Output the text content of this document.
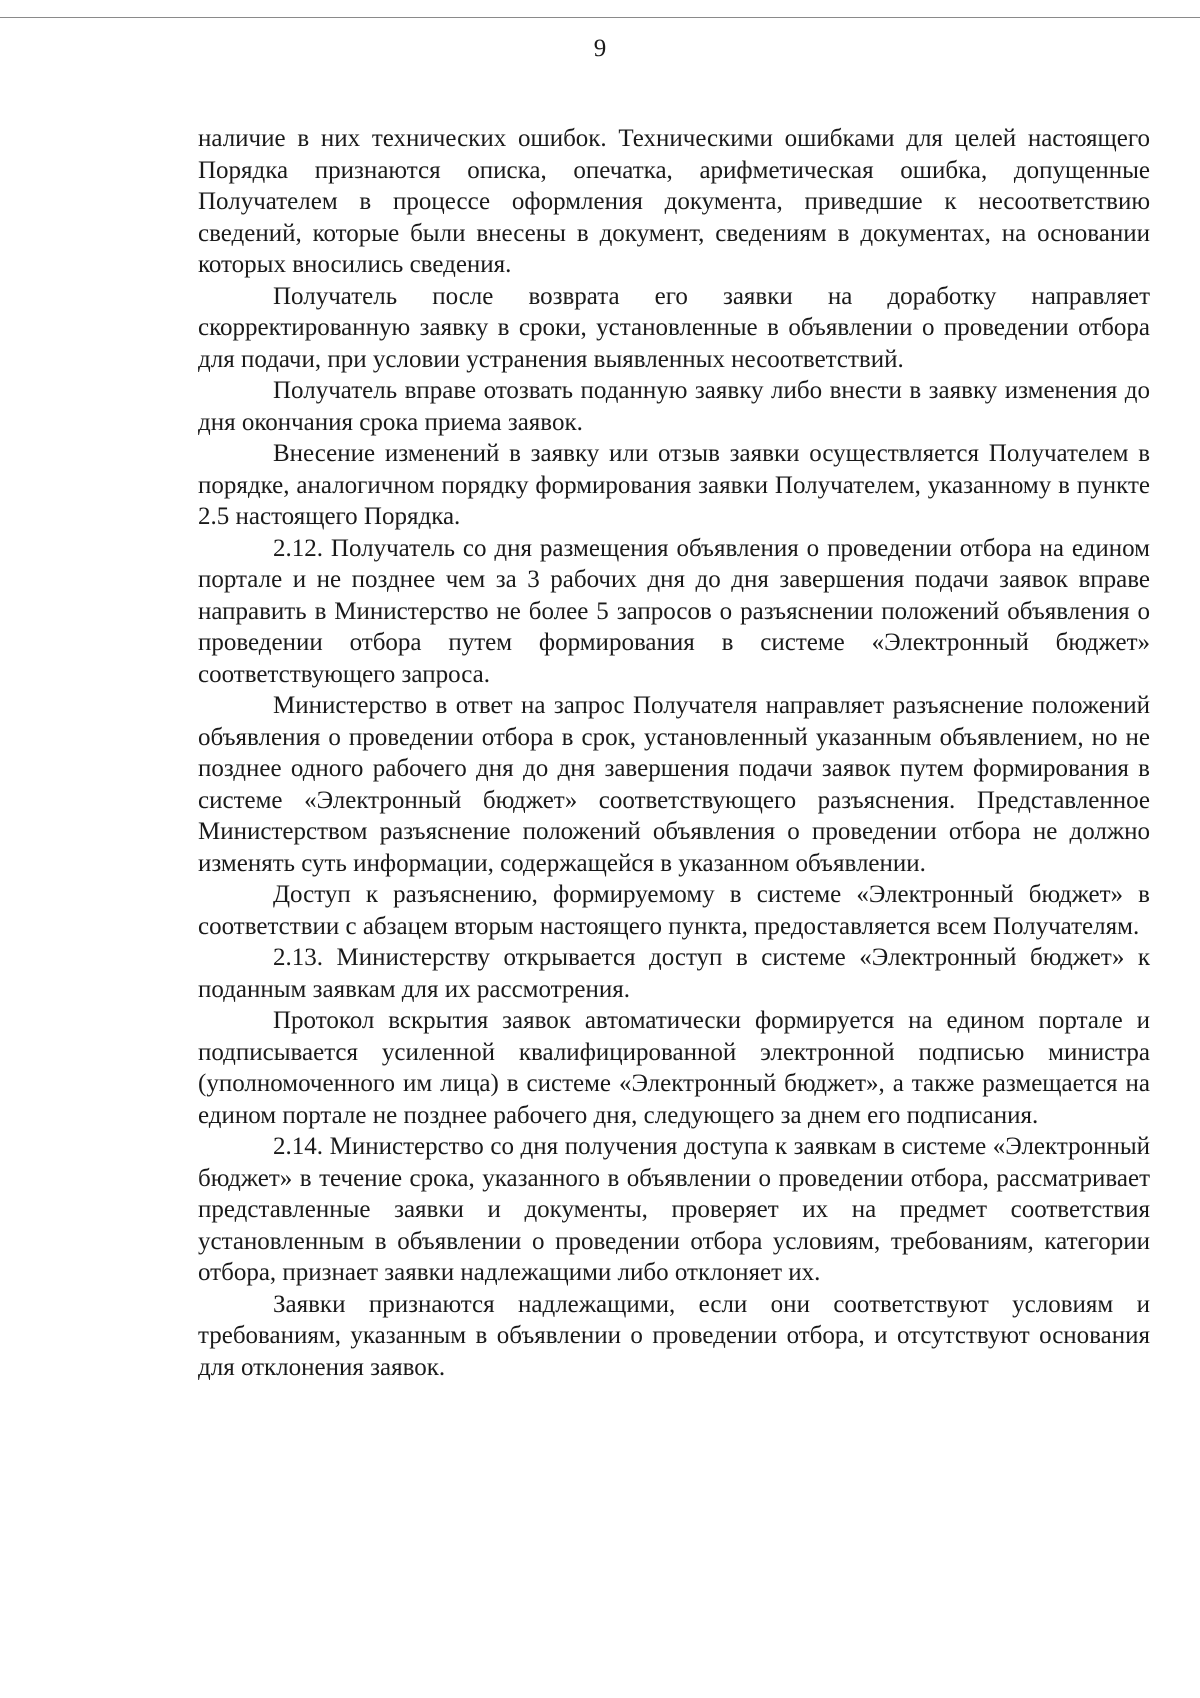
9

наличие в них технических ошибок. Техническими ошибками для целей настоящего Порядка признаются описка, опечатка, арифметическая ошибка, допущенные Получателем в процессе оформления документа, приведшие к несоответствию сведений, которые были внесены в документ, сведениям в документах, на основании которых вносились сведения.

Получатель после возврата его заявки на доработку направляет скорректированную заявку в сроки, установленные в объявлении о проведении отбора для подачи, при условии устранения выявленных несоответствий.

Получатель вправе отозвать поданную заявку либо внести в заявку изменения до дня окончания срока приема заявок.

Внесение изменений в заявку или отзыв заявки осуществляется Получателем в порядке, аналогичном порядку формирования заявки Получателем, указанному в пункте 2.5 настоящего Порядка.

2.12. Получатель со дня размещения объявления о проведении отбора на едином портале и не позднее чем за 3 рабочих дня до дня завершения подачи заявок вправе направить в Министерство не более 5 запросов о разъяснении положений объявления о проведении отбора путем формирования в системе «Электронный бюджет» соответствующего запроса.

Министерство в ответ на запрос Получателя направляет разъяснение положений объявления о проведении отбора в срок, установленный указанным объявлением, но не позднее одного рабочего дня до дня завершения подачи заявок путем формирования в системе «Электронный бюджет» соответствующего разъяснения. Представленное Министерством разъяснение положений объявления о проведении отбора не должно изменять суть информации, содержащейся в указанном объявлении.

Доступ к разъяснению, формируемому в системе «Электронный бюджет» в соответствии с абзацем вторым настоящего пункта, предоставляется всем Получателям.

2.13. Министерству открывается доступ в системе «Электронный бюджет» к поданным заявкам для их рассмотрения.

Протокол вскрытия заявок автоматически формируется на едином портале и подписывается усиленной квалифицированной электронной подписью министра (уполномоченного им лица) в системе «Электронный бюджет», а также размещается на едином портале не позднее рабочего дня, следующего за днем его подписания.

2.14. Министерство со дня получения доступа к заявкам в системе «Электронный бюджет» в течение срока, указанного в объявлении о проведении отбора, рассматривает представленные заявки и документы, проверяет их на предмет соответствия установленным в объявлении о проведении отбора условиям, требованиям, категории отбора, признает заявки надлежащими либо отклоняет их.

Заявки признаются надлежащими, если они соответствуют условиям и требованиям, указанным в объявлении о проведении отбора, и отсутствуют основания для отклонения заявок.
